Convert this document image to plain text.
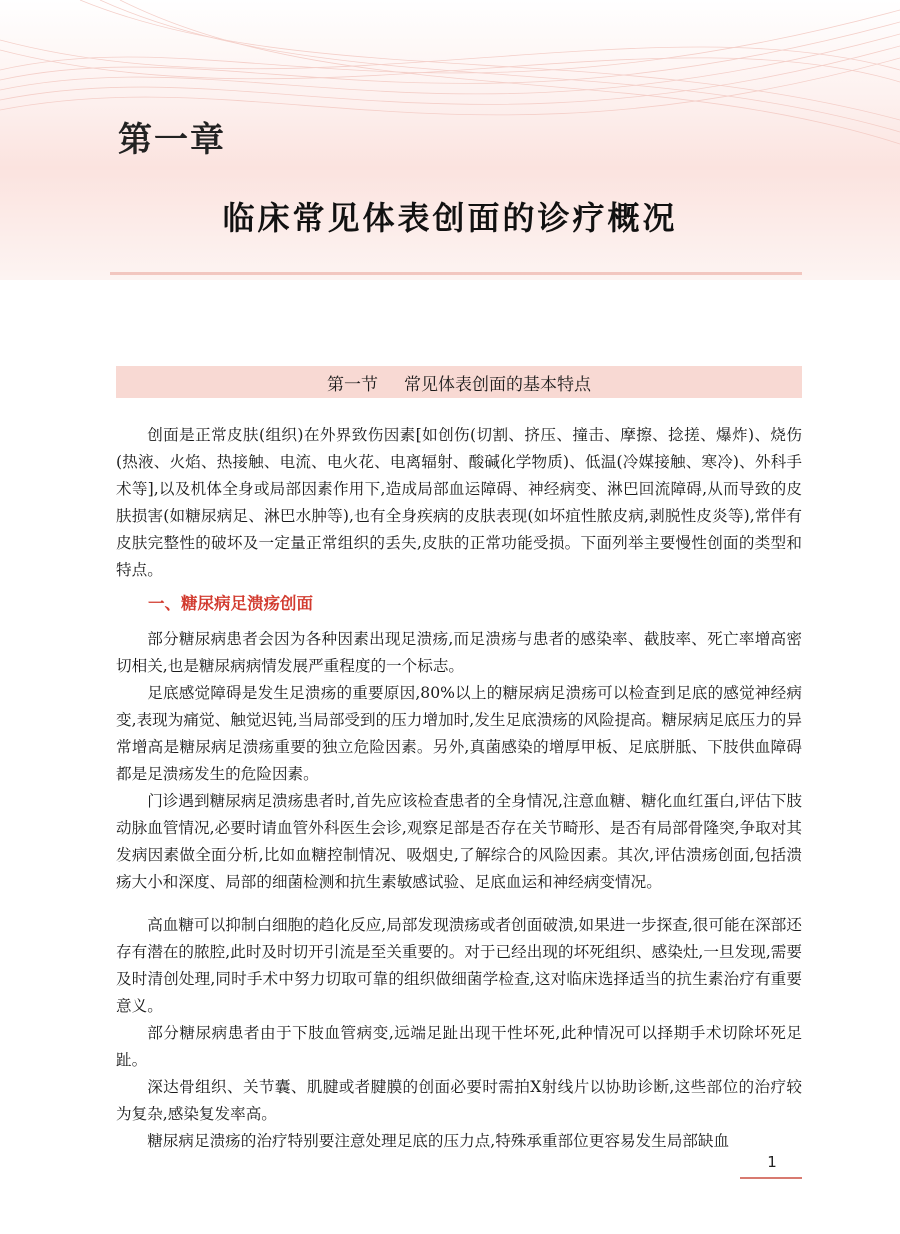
第一章
临床常见体表创面的诊疗概况
第一节 常见体表创面的基本特点

创面是正常皮肤(组织)在外界致伤因素[如创伤(切割、挤压、撞击、摩擦、捻搓、爆炸)、烧伤(热液、火焰、热接触、电流、电火花、电离辐射、酸碱化学物质)、低温(冷媒接触、寒冷)、外科手术等],以及机体全身或局部因素作用下,造成局部血运障碍、神经病变、淋巴回流障碍,从而导致的皮肤损害(如糖尿病足、淋巴水肿等),也有全身疾病的皮肤表现(如坏疽性脓皮病,剥脱性皮炎等),常伴有皮肤完整性的破坏及一定量正常组织的丢失,皮肤的正常功能受损。下面列举主要慢性创面的类型和特点。

一、糖尿病足溃疡创面

部分糖尿病患者会因为各种因素出现足溃疡,而足溃疡与患者的感染率、截肢率、死亡率增高密切相关,也是糖尿病病情发展严重程度的一个标志。

足底感觉障碍是发生足溃疡的重要原因,80%以上的糖尿病足溃疡可以检查到足底的感觉神经病变,表现为痛觉、触觉迟钝,当局部受到的压力增加时,发生足底溃疡的风险提高。糖尿病足底压力的异常增高是糖尿病足溃疡重要的独立危险因素。另外,真菌感染的增厚甲板、足底胼胝、下肢供血障碍都是足溃疡发生的危险因素。

门诊遇到糖尿病足溃疡患者时,首先应该检查患者的全身情况,注意血糖、糖化血红蛋白,评估下肢动脉血管情况,必要时请血管外科医生会诊,观察足部是否存在关节畸形、是否有局部骨隆突,争取对其发病因素做全面分析,比如血糖控制情况、吸烟史,了解综合的风险因素。其次,评估溃疡创面,包括溃疡大小和深度、局部的细菌检测和抗生素敏感试验、足底血运和神经病变情况。

高血糖可以抑制白细胞的趋化反应,局部发现溃疡或者创面破溃,如果进一步探查,很可能在深部还存有潜在的脓腔,此时及时切开引流是至关重要的。对于已经出现的坏死组织、感染灶,一旦发现,需要及时清创处理,同时手术中努力切取可靠的组织做细菌学检查,这对临床选择适当的抗生素治疗有重要意义。

部分糖尿病患者由于下肢血管病变,远端足趾出现干性坏死,此种情况可以择期手术切除坏死足趾。

深达骨组织、关节囊、肌腱或者腱膜的创面必要时需拍X射线片以协助诊断,这些部位的治疗较为复杂,感染复发率高。

糖尿病足溃疡的治疗特别要注意处理足底的压力点,特殊承重部位更容易发生局部缺血

1
